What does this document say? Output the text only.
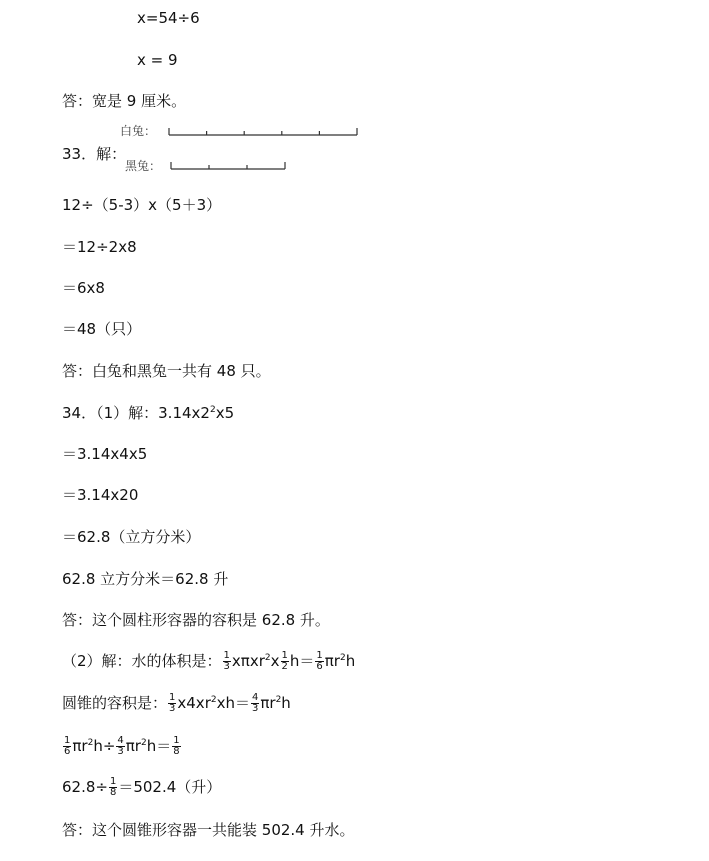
x=54÷6
x = 9
答：宽是 9 厘米。
33．解：
白兔：
黑兔：
12÷（5-3）x（5＋3）
＝12÷2x8
＝6x8
＝48（只）
答：白兔和黑兔一共有 48 只。
34．（1）解：$3.14x2^2x5$
＝3.14x4x5
＝3.14x20
＝62.8（立方分米）
62.8 立方分米＝62.8 升
答：这个圆柱形容器的容积是 62.8 升。
（2）解：水的体积是： $\frac{1}{3} x\pi xr^2x \frac{1}{2} h= \frac{1}{6} \pi r^2h$
圆锥的容积是： $\frac{1}{3} x4xr^2xh= \frac{4}{3} \pi r^2h$
$\frac{1}{6} \pi r^2h\div \frac{4}{3} \pi r^2h= \frac{1}{8}$
$62.8\div \frac{1}{8} =502.4$（升）
答：这个圆锥形容器一共能装 502.4 升水。
